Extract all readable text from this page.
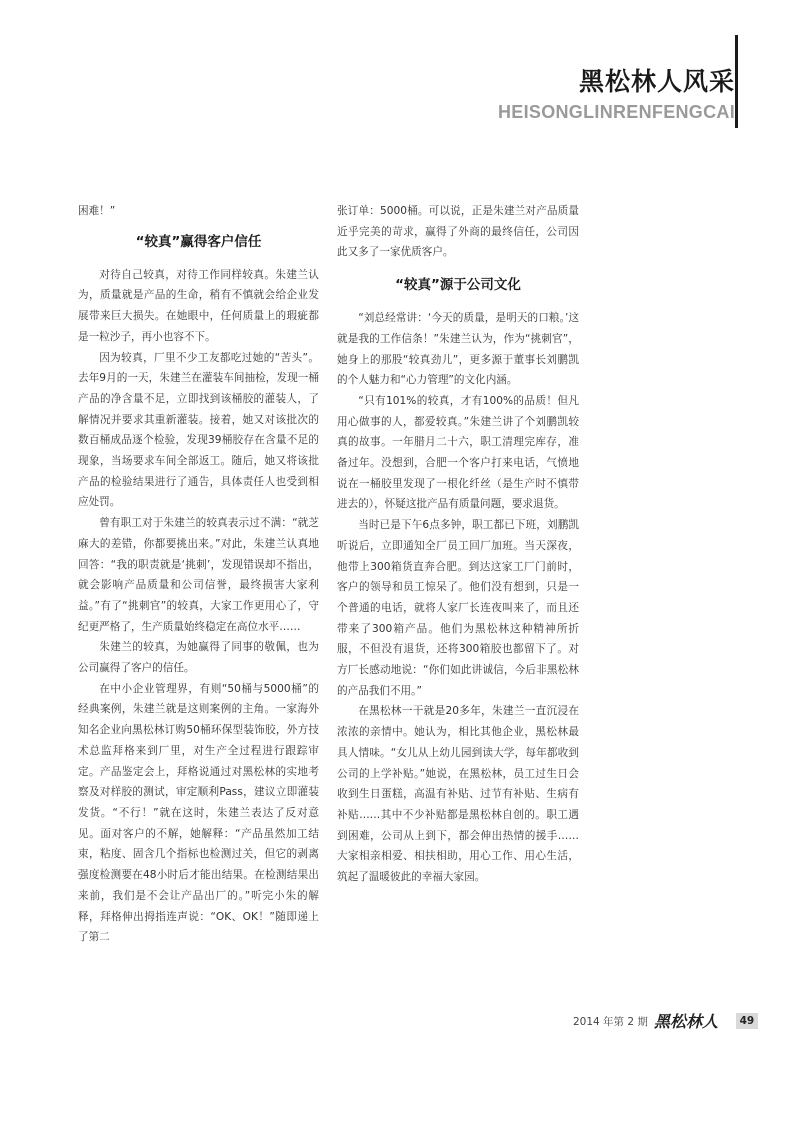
黑松林人风采
HEISONGLINRENFENGCAI

困难！”

“较真”赢得客户信任

对待自己较真，对待工作同样较真。朱建兰认为，质量就是产品的生命，稍有不慎就会给企业发展带来巨大损失。在她眼中，任何质量上的瑕疵都是一粒沙子，再小也容不下。

因为较真，厂里不少工友都吃过她的“苦头”。去年9月的一天，朱建兰在灌装车间抽检，发现一桶产品的净含量不足，立即找到该桶胶的灌装人，了解情况并要求其重新灌装。接着，她又对该批次的数百桶成品逐个检验，发现39桶胶存在含量不足的现象，当场要求车间全部返工。随后，她又将该批产品的检验结果进行了通告，具体责任人也受到相应处罚。

曾有职工对于朱建兰的较真表示过不满：“就芝麻大的差错，你都要挑出来。”对此，朱建兰认真地回答：“我的职责就是‘挑刺’，发现错误却不指出，就会影响产品质量和公司信誉，最终损害大家利益。”有了“挑刺官”的较真，大家工作更用心了，守纪更严格了，生产质量始终稳定在高位水平……

朱建兰的较真，为她赢得了同事的敬佩，也为公司赢得了客户的信任。

在中小企业管理界，有则“50桶与5000桶”的经典案例，朱建兰就是这则案例的主角。一家海外知名企业向黑松林订购50桶环保型装饰胶，外方技术总监拜格来到厂里，对生产全过程进行跟踪审定。产品鉴定会上，拜格说通过对黑松林的实地考察及对样胶的测试，审定顺利Pass，建议立即灌装发货。“不行！”就在这时，朱建兰表达了反对意见。面对客户的不解，她解释：“产品虽然加工结束，粘度、固含几个指标也检测过关，但它的剥离强度检测要在48小时后才能出结果。在检测结果出来前，我们是不会让产品出厂的。”听完小朱的解释，拜格伸出拇指连声说：“OK、OK！”随即递上了第二

张订单：5000桶。可以说，正是朱建兰对产品质量近乎完美的苛求，赢得了外商的最终信任，公司因此又多了一家优质客户。

“较真”源于公司文化

“刘总经常讲：‘今天的质量，是明天的口粮。’这就是我的工作信条！”朱建兰认为，作为“挑刺官”，她身上的那股“较真劲儿”，更多源于董事长刘鹏凯的个人魅力和“心力管理”的文化内涵。

“只有101%的较真，才有100%的品质！但凡用心做事的人，都爱较真。”朱建兰讲了个刘鹏凯较真的故事。一年腊月二十六，职工清理完库存，准备过年。没想到，合肥一个客户打来电话，气愤地说在一桶胶里发现了一根化纤丝（是生产时不慎带进去的），怀疑这批产品有质量问题，要求退货。

当时已是下午6点多钟，职工都已下班，刘鹏凯听说后，立即通知全厂员工回厂加班。当天深夜，他带上300箱货直奔合肥。到达这家工厂门前时，客户的领导和员工惊呆了。他们没有想到，只是一个普通的电话，就将人家厂长连夜叫来了，而且还带来了300箱产品。他们为黑松林这种精神所折服，不但没有退货，还将300箱胶也都留下了。对方厂长感动地说：“你们如此讲诚信，今后非黑松林的产品我们不用。”

在黑松林一干就是20多年，朱建兰一直沉浸在浓浓的亲情中。她认为，相比其他企业，黑松林最具人情味。“女儿从上幼儿园到读大学，每年都收到公司的上学补贴。”她说，在黑松林，员工过生日会收到生日蛋糕，高温有补贴、过节有补贴、生病有补贴……其中不少补贴都是黑松林自创的。职工遇到困难，公司从上到下，都会伸出热情的援手……大家相亲相爱、相扶相助，用心工作、用心生活，筑起了温暖彼此的幸福大家园。

2014 年第 2 期 黑松林人	49
